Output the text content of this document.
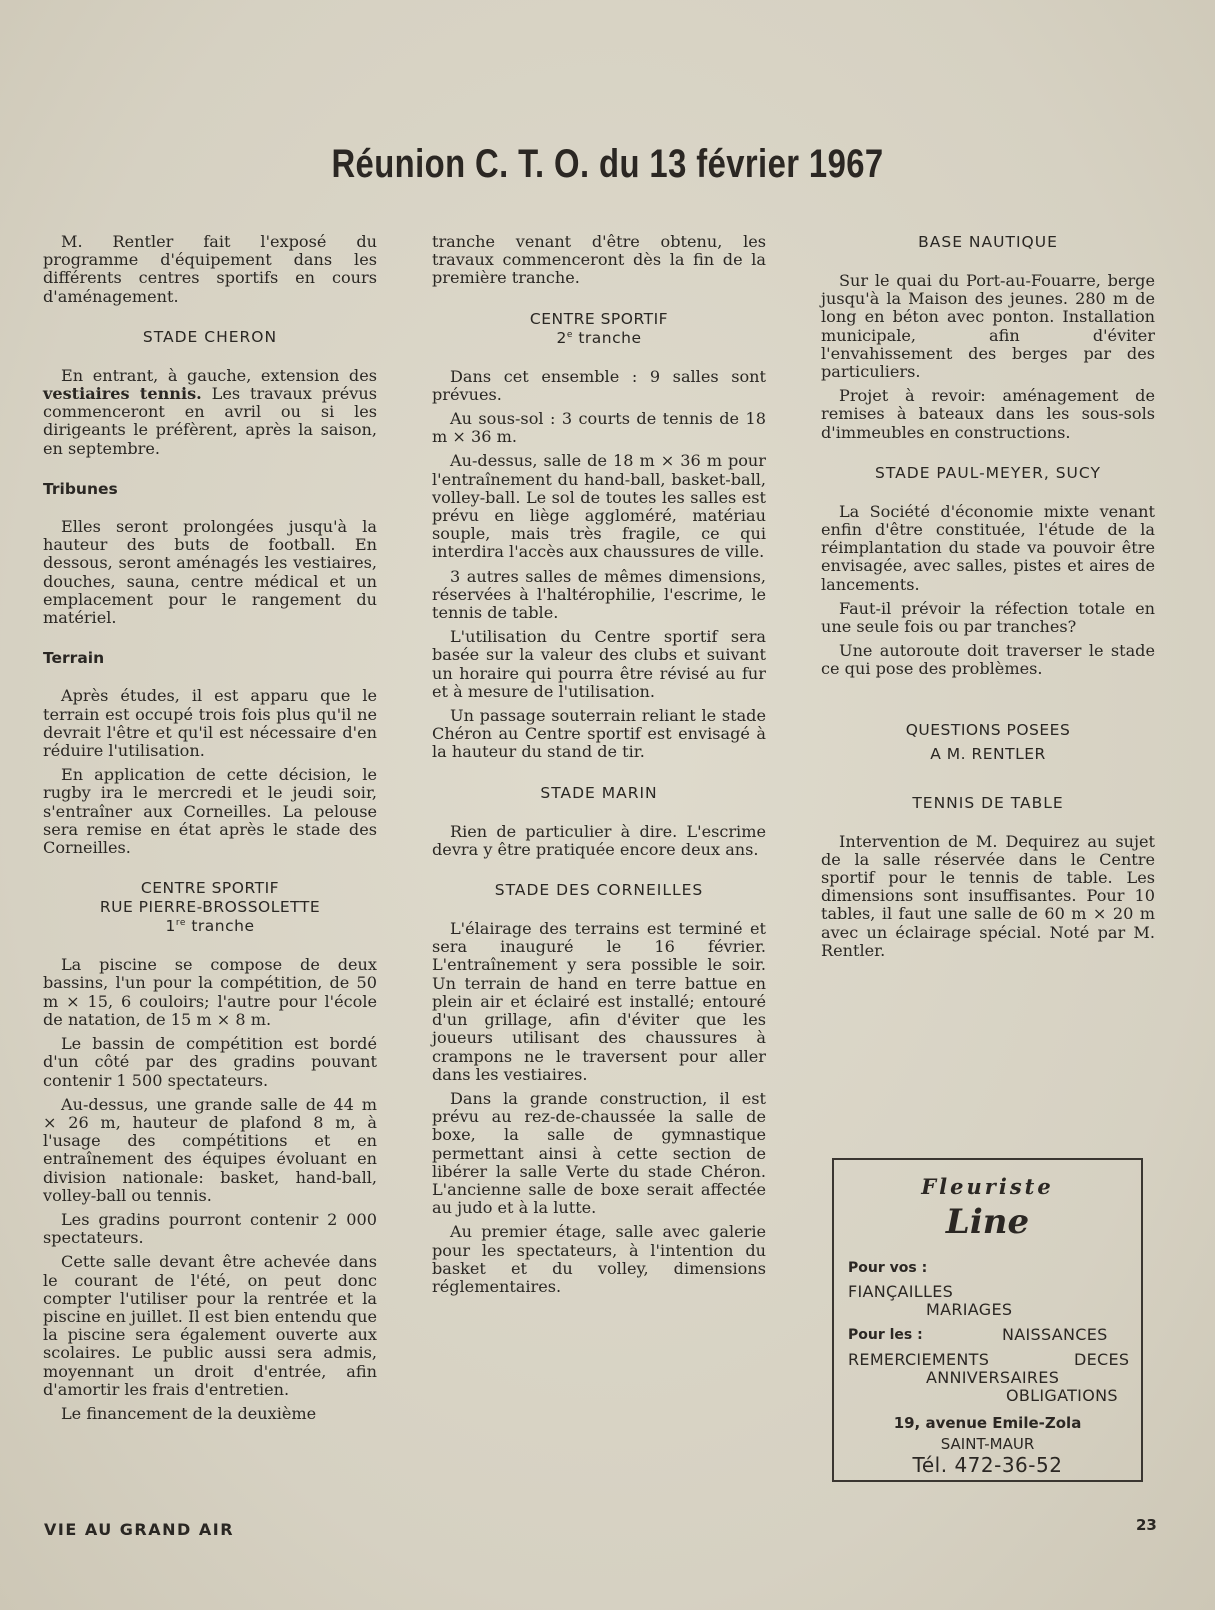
Réunion C. T. O. du 13 février 1967

M. Rentler fait l'exposé du programme d'équipement dans les différents centres sportifs en cours d'aménagement.

STADE CHERON

En entrant, à gauche, extension des vestiaires tennis. Les travaux prévus commenceront en avril ou si les dirigeants le préfèrent, après la saison, en septembre.

Tribunes

Elles seront prolongées jusqu'à la hauteur des buts de football. En dessous, seront aménagés les vestiaires, douches, sauna, centre médical et un emplacement pour le rangement du matériel.

Terrain

Après études, il est apparu que le terrain est occupé trois fois plus qu'il ne devrait l'être et qu'il est nécessaire d'en réduire l'utilisation.

En application de cette décision, le rugby ira le mercredi et le jeudi soir, s'entraîner aux Corneilles. La pelouse sera remise en état après le stade des Corneilles.

CENTRE SPORTIF
RUE PIERRE-BROSSOLETTE
1re tranche

La piscine se compose de deux bassins, l'un pour la compétition, de 50 m × 15, 6 couloirs; l'autre pour l'école de natation, de 15 m × 8 m.

Le bassin de compétition est bordé d'un côté par des gradins pouvant contenir 1 500 spectateurs.

Au-dessus, une grande salle de 44 m × 26 m, hauteur de plafond 8 m, à l'usage des compétitions et en entraînement des équipes évoluant en division nationale: basket, hand-ball, volley-ball ou tennis.

Les gradins pourront contenir 2 000 spectateurs.

Cette salle devant être achevée dans le courant de l'été, on peut donc compter l'utiliser pour la rentrée et la piscine en juillet. Il est bien entendu que la piscine sera également ouverte aux scolaires. Le public aussi sera admis, moyennant un droit d'entrée, afin d'amortir les frais d'entretien.

Le financement de la deuxième

tranche venant d'être obtenu, les travaux commenceront dès la fin de la première tranche.

CENTRE SPORTIF
2e tranche

Dans cet ensemble : 9 salles sont prévues.

Au sous-sol : 3 courts de tennis de 18 m × 36 m.

Au-dessus, salle de 18 m × 36 m pour l'entraînement du hand-ball, basket-ball, volley-ball. Le sol de toutes les salles est prévu en liège aggloméré, matériau souple, mais très fragile, ce qui interdira l'accès aux chaussures de ville.

3 autres salles de mêmes dimensions, réservées à l'haltérophilie, l'escrime, le tennis de table.

L'utilisation du Centre sportif sera basée sur la valeur des clubs et suivant un horaire qui pourra être révisé au fur et à mesure de l'utilisation.

Un passage souterrain reliant le stade Chéron au Centre sportif est envisagé à la hauteur du stand de tir.

STADE MARIN

Rien de particulier à dire. L'escrime devra y être pratiquée encore deux ans.

STADE DES CORNEILLES

L'élairage des terrains est terminé et sera inauguré le 16 février. L'entraînement y sera possible le soir. Un terrain de hand en terre battue en plein air et éclairé est installé; entouré d'un grillage, afin d'éviter que les joueurs utilisant des chaussures à crampons ne le traversent pour aller dans les vestiaires.

Dans la grande construction, il est prévu au rez-de-chaussée la salle de boxe, la salle de gymnastique permettant ainsi à cette section de libérer la salle Verte du stade Chéron. L'ancienne salle de boxe serait affectée au judo et à la lutte.

Au premier étage, salle avec galerie pour les spectateurs, à l'intention du basket et du volley, dimensions réglementaires.

BASE NAUTIQUE

Sur le quai du Port-au-Fouarre, berge jusqu'à la Maison des jeunes. 280 m de long en béton avec ponton. Installation municipale, afin d'éviter l'envahissement des berges par des particuliers.

Projet à revoir: aménagement de remises à bateaux dans les sous-sols d'immeubles en constructions.

STADE PAUL-MEYER, SUCY

La Société d'économie mixte venant enfin d'être constituée, l'étude de la réimplantation du stade va pouvoir être envisagée, avec salles, pistes et aires de lancements.

Faut-il prévoir la réfection totale en une seule fois ou par tranches?

Une autoroute doit traverser le stade ce qui pose des problèmes.

QUESTIONS POSEES
A M. RENTLER
TENNIS DE TABLE

Intervention de M. Dequirez au sujet de la salle réservée dans le Centre sportif pour le tennis de table. Les dimensions sont insuffisantes. Pour 10 tables, il faut une salle de 60 m × 20 m avec un éclairage spécial. Noté par M. Rentler.

Fleuriste
Line
Pour vos :
FIANÇAILLES
MARIAGES
Pour les :	NAISSANCES
REMERCIEMENTS	DECES
ANNIVERSAIRES
OBLIGATIONS
19, avenue Emile-Zola
SAINT-MAUR
Tél. 472-36-52
VIE AU GRAND AIR	23
